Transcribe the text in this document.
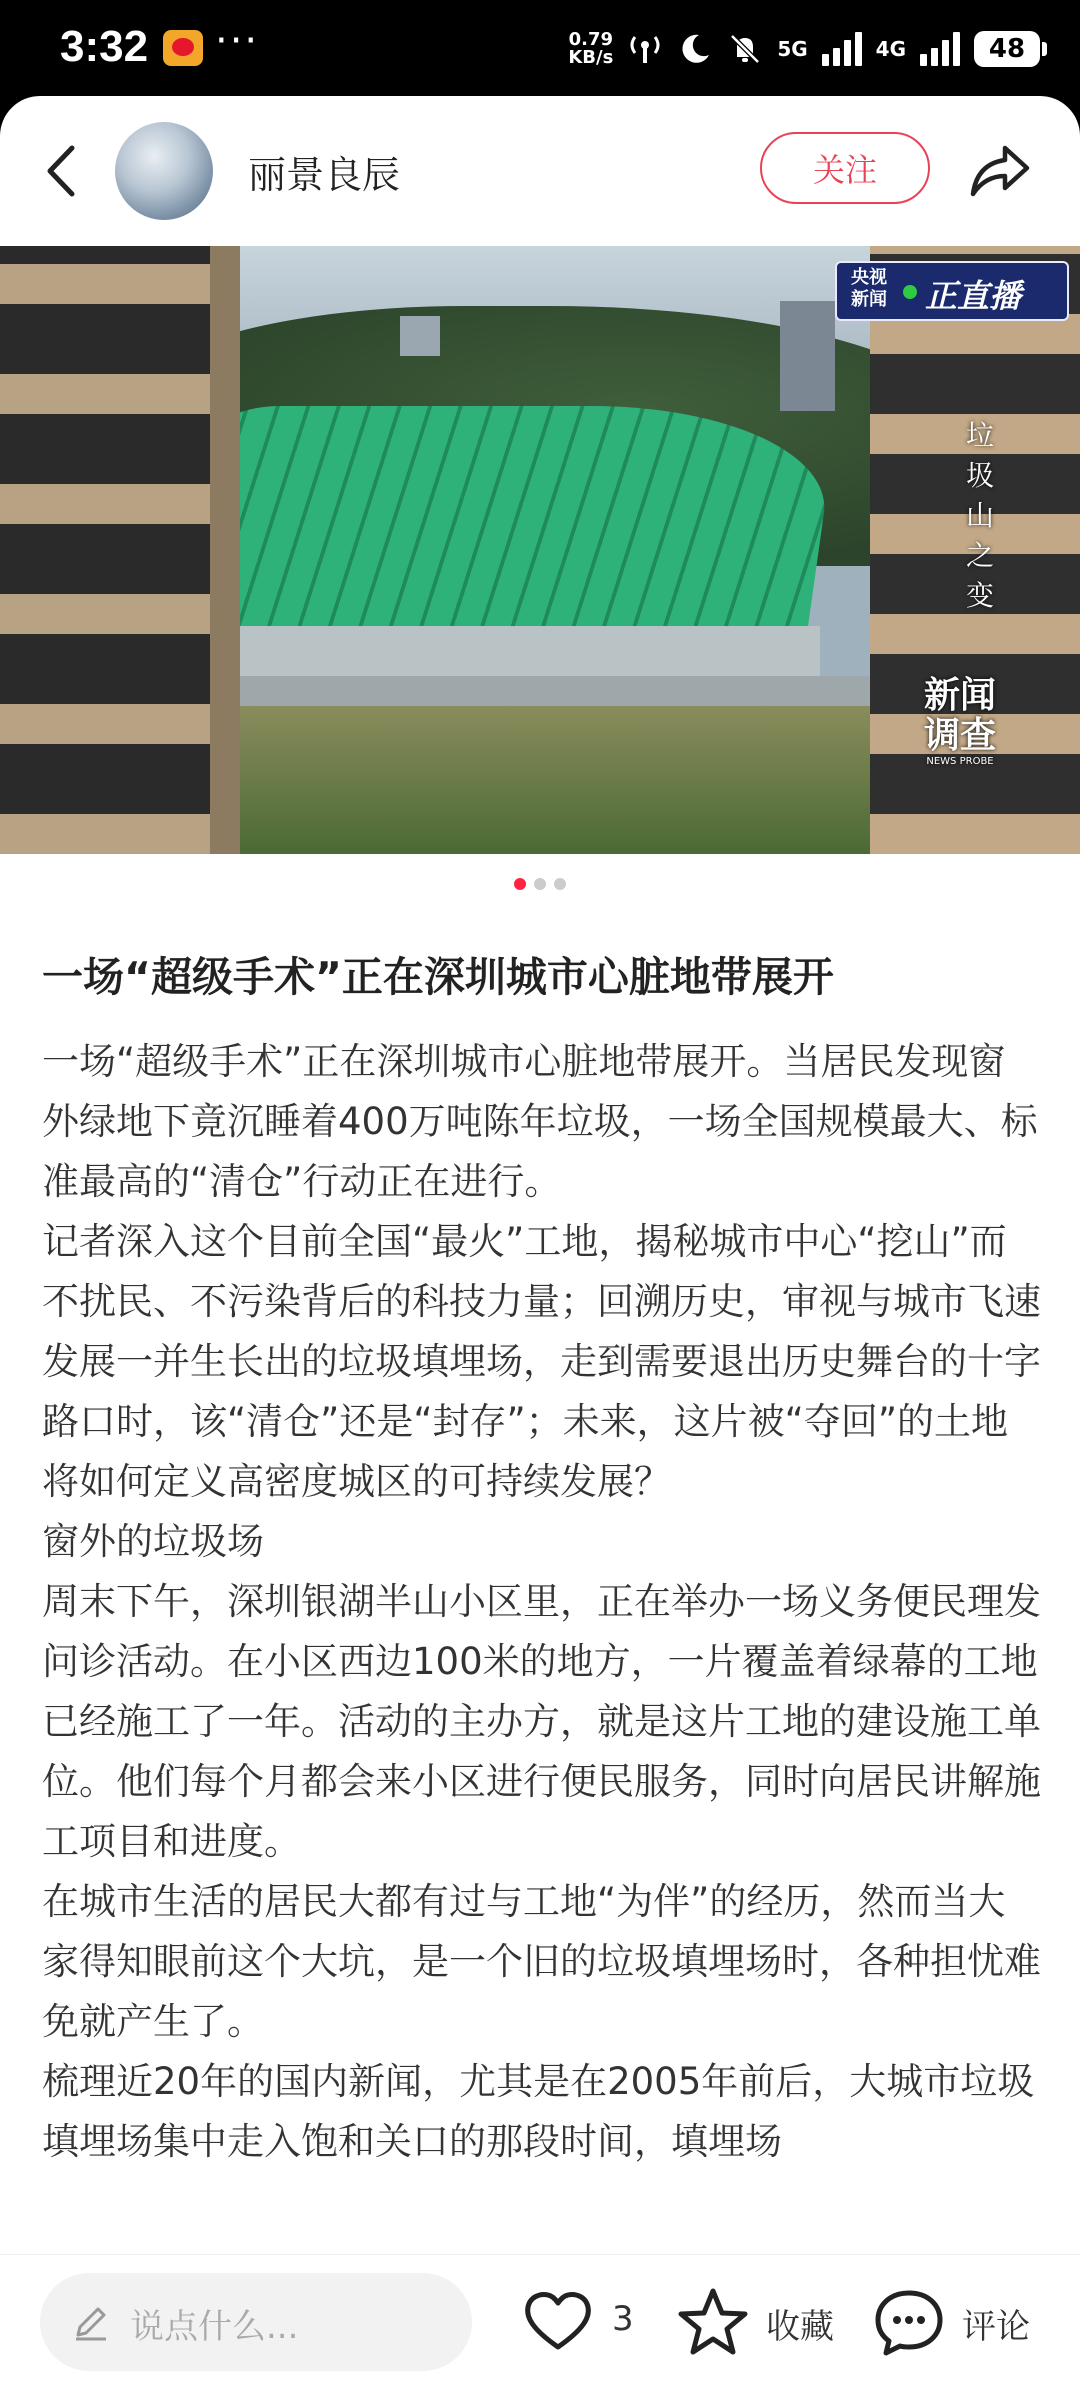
3:32 ···	0.79
KB/s	5G	4G	48
丽景良辰	关注
央视
新闻 正直播
垃圾山之变
新闻调查
NEWS PROBE
一场“超级手术”正在深圳城市心脏地带展开

一场“超级手术”正在深圳城市心脏地带展开。当居民发现窗外绿地下竟沉睡着400万吨陈年垃圾，一场全国规模最大、标准最高的“清仓”行动正在进行。

记者深入这个目前全国“最火”工地，揭秘城市中心“挖山”而不扰民、不污染背后的科技力量；回溯历史，审视与城市飞速发展一并生长出的垃圾填埋场，走到需要退出历史舞台的十字路口时，该“清仓”还是“封存”；未来，这片被“夺回”的土地将如何定义高密度城区的可持续发展？

窗外的垃圾场

周末下午，深圳银湖半山小区里，正在举办一场义务便民理发问诊活动。在小区西边100米的地方，一片覆盖着绿幕的工地已经施工了一年。活动的主办方，就是这片工地的建设施工单位。他们每个月都会来小区进行便民服务，同时向居民讲解施工项目和进度。

在城市生活的居民大都有过与工地“为伴”的经历，然而当大家得知眼前这个大坑，是一个旧的垃圾填埋场时，各种担忧难免就产生了。

梳理近20年的国内新闻，尤其是在2005年前后，大城市垃圾填埋场集中走入饱和关口的那段时间，填埋场

说点什么...	3	收藏	评论
